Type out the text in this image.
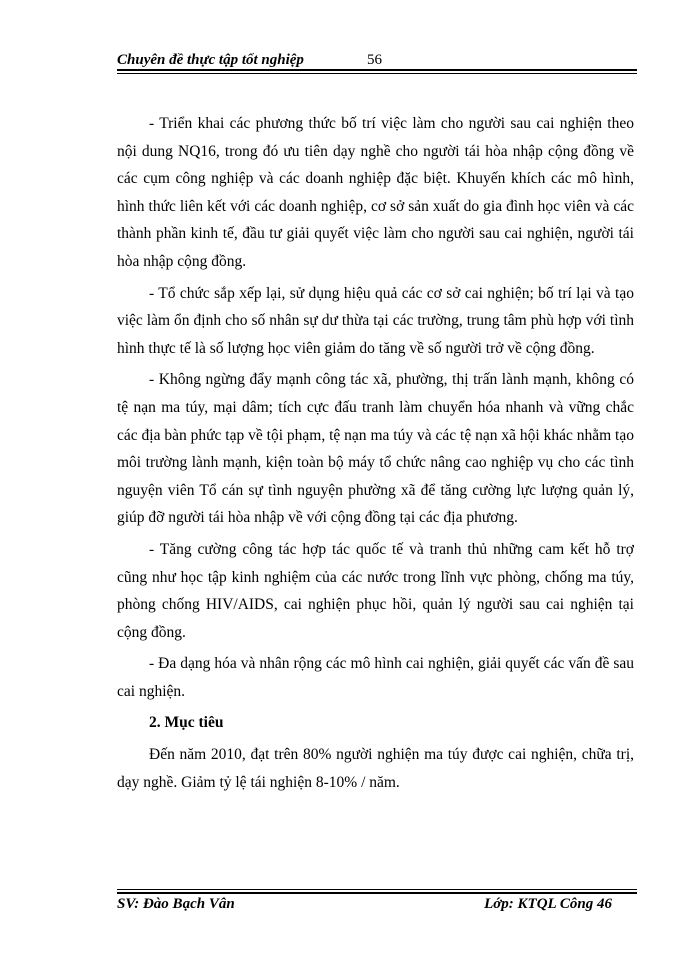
Chuyên đề thực tập tốt nghiệp	56

- Triển khai các phương thức bố trí việc làm cho người sau cai nghiện theo nội dung NQ16, trong đó ưu tiên dạy nghề cho người tái hòa nhập cộng đồng về các cụm công nghiệp và các doanh nghiệp đặc biệt. Khuyến khích các mô hình, hình thức liên kết với các doanh nghiệp, cơ sở sản xuất do gia đình học viên và các thành phần kinh tế, đầu tư giải quyết việc làm cho người sau cai nghiện, người tái hòa nhập cộng đồng.

- Tổ chức sắp xếp lại, sử dụng hiệu quả các cơ sở cai nghiện; bố trí lại và tạo việc làm ổn định cho số nhân sự dư thừa tại các trường, trung tâm phù hợp với tình hình thực tế là số lượng học viên giảm do tăng về số người trở về cộng đồng.

- Không ngừng đẩy mạnh công tác xã, phường, thị trấn lành mạnh, không có tệ nạn ma túy, mại dâm; tích cực đấu tranh làm chuyển hóa nhanh và vững chắc các địa bàn phức tạp về tội phạm, tệ nạn ma túy và các tệ nạn xã hội khác nhằm tạo môi trường lành mạnh, kiện toàn bộ máy tổ chức nâng cao nghiệp vụ cho các tình nguyện viên Tổ cán sự tình nguyện phường xã để tăng cường lực lượng quản lý, giúp đỡ người tái hòa nhập về với cộng đồng tại các địa phương.

- Tăng cường công tác hợp tác quốc tế và tranh thủ những cam kết hỗ trợ cũng như học tập kinh nghiệm của các nước trong lĩnh vực phòng, chống ma túy, phòng chống HIV/AIDS, cai nghiện phục hồi, quản lý người sau cai nghiện tại cộng đồng.

- Đa dạng hóa và nhân rộng các mô hình cai nghiện, giải quyết các vấn đề sau cai nghiện.

2. Mục tiêu

Đến năm 2010, đạt trên 80% người nghiện ma túy được cai nghiện, chữa trị, dạy nghề. Giảm tỷ lệ tái nghiện 8-10% / năm.

SV: Đào Bạch Vân	Lớp: KTQL Công 46
